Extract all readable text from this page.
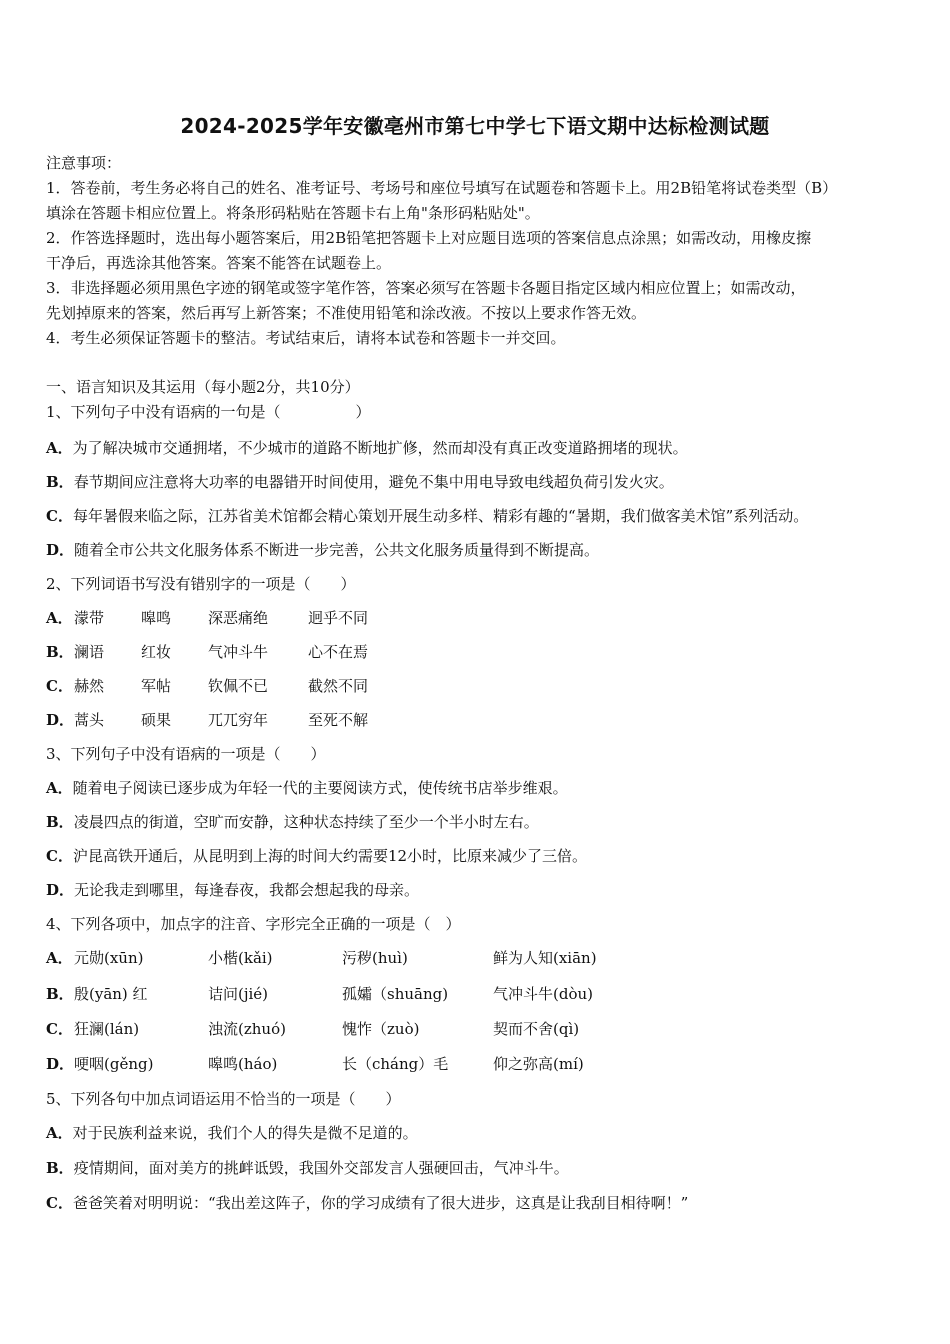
2024-2025学年安徽亳州市第七中学七下语文期中达标检测试题
注意事项：
1．答卷前，考生务必将自己的姓名、准考证号、考场号和座位号填写在试题卷和答题卡上。用2B铅笔将试卷类型（B）
填涂在答题卡相应位置上。将条形码粘贴在答题卡右上角"条形码粘贴处"。
2．作答选择题时，选出每小题答案后，用2B铅笔把答题卡上对应题目选项的答案信息点涂黑；如需改动，用橡皮擦
干净后，再选涂其他答案。答案不能答在试题卷上。
3．非选择题必须用黑色字迹的钢笔或签字笔作答，答案必须写在答题卡各题目指定区域内相应位置上；如需改动，
先划掉原来的答案，然后再写上新答案；不准使用铅笔和涂改液。不按以上要求作答无效。
4．考生必须保证答题卡的整洁。考试结束后，请将本试卷和答题卡一并交回。
一、语言知识及其运用（每小题2分，共10分）
1、下列句子中没有语病的一句是（　　　　　）
A．为了解决城市交通拥堵，不少城市的道路不断地扩修，然而却没有真正改变道路拥堵的现状。
B．春节期间应注意将大功率的电器错开时间使用，避免不集中用电导致电线超负荷引发火灾。
C．每年暑假来临之际，江苏省美术馆都会精心策划开展生动多样、精彩有趣的“暑期，我们做客美术馆”系列活动。
D．随着全市公共文化服务体系不断进一步完善，公共文化服务质量得到不断提高。
2、下列词语书写没有错别字的一项是（　　）
A． 濛带 嗥鸣 深恶痛绝	迥乎不同
B． 澜语 红妆 气冲斗牛	心不在焉
C． 赫然 军帖 钦佩不已	截然不同
D． 蒿头 硕果 兀兀穷年	至死不解
3、下列句子中没有语病的一项是（　　）
A．随着电子阅读已逐步成为年轻一代的主要阅读方式，使传统书店举步维艰。
B．凌晨四点的街道，空旷而安静，这种状态持续了至少一个半小时左右。
C．沪昆高铁开通后，从昆明到上海的时间大约需要12小时，比原来减少了三倍。
D．无论我走到哪里，每逢春夜，我都会想起我的母亲。
4、下列各项中，加点字的注音、字形完全正确的一项是（　）
A． 元勋(xūn)	小楷(kǎi)	污秽(huì)	鲜为人知(xiān)
B． 殷(yān) 红	诘问(jié)	孤孀（shuāng)	气冲斗牛(dòu)
C． 狂澜(lán)	浊流(zhuó)	愧怍（zuò)	契而不舍(qì)
D． 哽咽(gěng)	嗥鸣(háo)	长（cháng）毛	仰之弥高(mí)
5、下列各句中加点词语运用不恰当的一项是（　　）
A．对于民族利益来说，我们个人的得失是微不足道的。
B．疫情期间，面对美方的挑衅诋毁，我国外交部发言人强硬回击，气冲斗牛。
C．爸爸笑着对明明说：“我出差这阵子，你的学习成绩有了很大进步，这真是让我刮目相待啊！”
